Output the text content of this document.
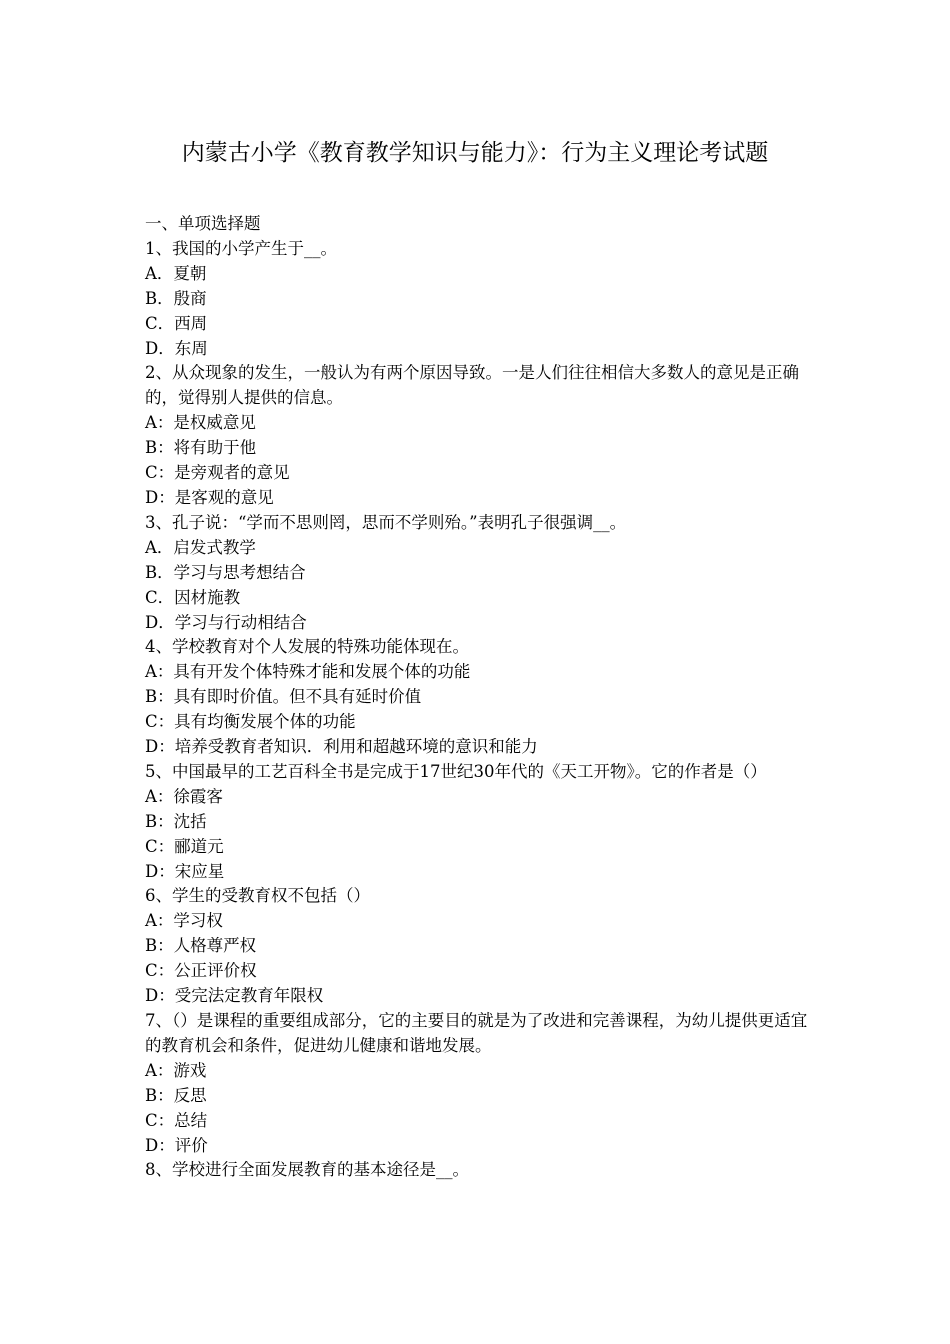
内蒙古小学《教育教学知识与能力》：行为主义理论考试题
一、单项选择题
1、我国的小学产生于__。
A．夏朝
B．殷商
C．西周
D．东周
2、从众现象的发生，一般认为有两个原因导致。一是人们往往相信大多数人的意见是正确的，觉得别人提供的信息。
A：是权威意见
B：将有助于他
C：是旁观者的意见
D：是客观的意见
3、孔子说：“学而不思则罔，思而不学则殆。”表明孔子很强调__。
A．启发式教学
B．学习与思考想结合
C．因材施教
D．学习与行动相结合
4、学校教育对个人发展的特殊功能体现在。
A：具有开发个体特殊才能和发展个体的功能
B：具有即时价值。但不具有延时价值
C：具有均衡发展个体的功能
D：培养受教育者知识．利用和超越环境的意识和能力
5、中国最早的工艺百科全书是完成于17世纪30年代的《天工开物》。它的作者是（）
A：徐霞客
B：沈括
C：郦道元
D：宋应星
6、学生的受教育权不包括（）
A：学习权
B：人格尊严权
C：公正评价权
D：受完法定教育年限权
7、（）是课程的重要组成部分，它的主要目的就是为了改进和完善课程，为幼儿提供更适宜的教育机会和条件，促进幼儿健康和谐地发展。
A：游戏
B：反思
C：总结
D：评价
8、学校进行全面发展教育的基本途径是__。
